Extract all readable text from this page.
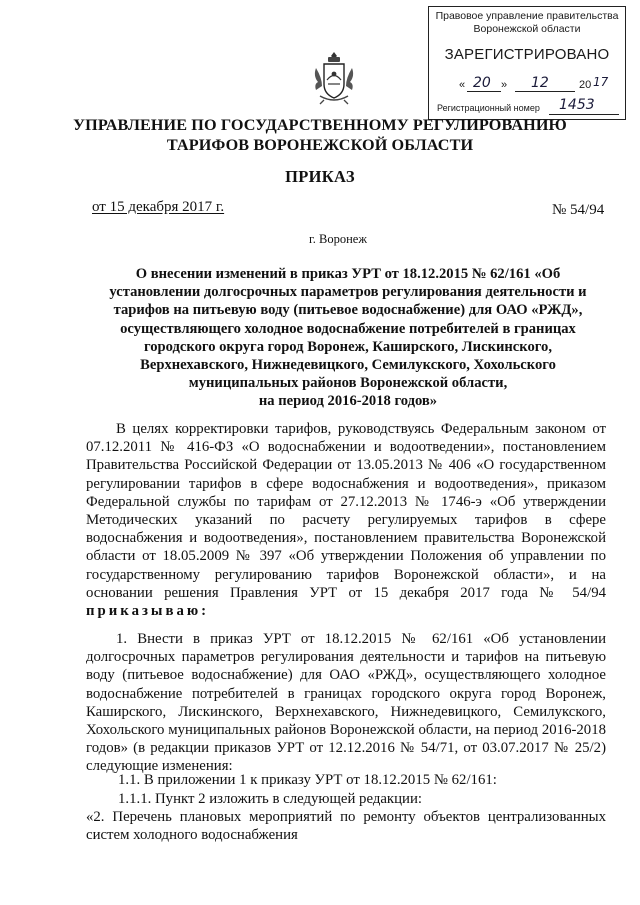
Правовое управление правительства
Воронежской области
ЗАРЕГИСТРИРОВАНО
« 20 » 12	20 17
Регистрационный номер 1453
УПРАВЛЕНИЕ ПО ГОСУДАРСТВЕННОМУ РЕГУЛИРОВАНИЮ
ТАРИФОВ ВОРОНЕЖСКОЙ ОБЛАСТИ
ПРИКАЗ
от 15 декабря 2017 г.	№ 54/94
г. Воронеж
О внесении изменений в приказ УРТ от 18.12.2015 № 62/161 «Об
установлении долгосрочных параметров регулирования деятельности и
тарифов на питьевую воду (питьевое водоснабжение) для ОАО «РЖД»,
осуществляющего холодное водоснабжение потребителей в границах
городского округа город Воронеж, Каширского, Лискинского,
Верхнехавского, Нижнедевицкого, Семилукского, Хохольского
муниципальных районов Воронежской области,
на период 2016-2018 годов»
В целях корректировки тарифов, руководствуясь Федеральным законом от 07.12.2011 № 416-ФЗ «О водоснабжении и водоотведении», постановлением Правительства Российской Федерации от 13.05.2013 № 406 «О государственном регулировании тарифов в сфере водоснабжения и водоотведения», приказом Федеральной службы по тарифам от 27.12.2013 № 1746-э «Об утверждении Методических указаний по расчету регулируемых тарифов в сфере водоснабжения и водоотведения», постановлением правительства Воронежской области от 18.05.2009 № 397 «Об утверждении Положения об управлении по государственному регулированию тарифов Воронежской области», и на основании решения Правления УРТ от 15 декабря 2017 года № 54/94 приказываю:
1. Внести в приказ УРТ от 18.12.2015 № 62/161 «Об установлении долгосрочных параметров регулирования деятельности и тарифов на питьевую воду (питьевое водоснабжение) для ОАО «РЖД», осуществляющего холодное водоснабжение потребителей в границах городского округа город Воронеж, Каширского, Лискинского, Верхнехавского, Нижнедевицкого, Семилукского, Хохольского муниципальных районов Воронежской области, на период 2016-2018 годов» (в редакции приказов УРТ от 12.12.2016 № 54/71, от 03.07.2017 № 25/2) следующие изменения:
1.1. В приложении 1 к приказу УРТ от 18.12.2015 № 62/161:
1.1.1. Пункт 2 изложить в следующей редакции:
«2. Перечень плановых мероприятий по ремонту объектов централизованных систем холодного водоснабжения
